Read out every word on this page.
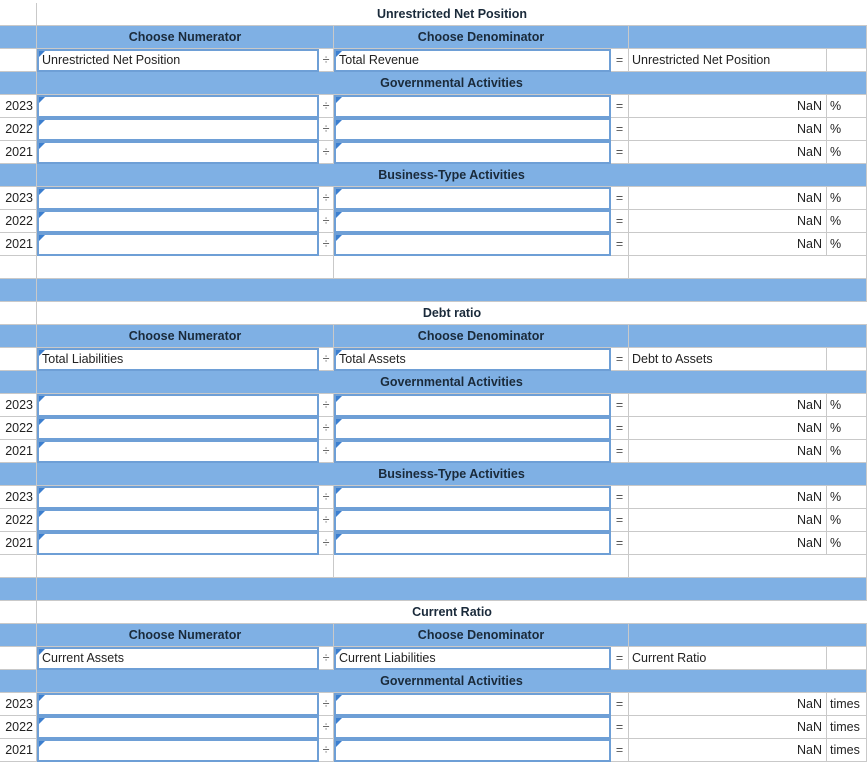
Unrestricted Net Position
Choose Numerator	Choose Denominator
Unrestricted Net Position	÷ Total Revenue	= Unrestricted Net Position
Governmental Activities
2023	÷	=	NaN %
2022	÷	=	NaN %
2021	÷	=	NaN %
Business-Type Activities
2023	÷	=	NaN %
2022	÷	=	NaN %
2021	÷	=	NaN %
Debt ratio
Choose Numerator	Choose Denominator
Total Liabilities	÷ Total Assets	= Debt to Assets
Governmental Activities
2023	÷	=	NaN %
2022	÷	=	NaN %
2021	÷	=	NaN %
Business-Type Activities
2023	÷	=	NaN %
2022	÷	=	NaN %
2021	÷	=	NaN %
Current Ratio
Choose Numerator	Choose Denominator
Current Assets	÷ Current Liabilities	= Current Ratio
Governmental Activities
2023	÷	=	NaN times
2022	÷	=	NaN times
2021	÷	=	NaN times
